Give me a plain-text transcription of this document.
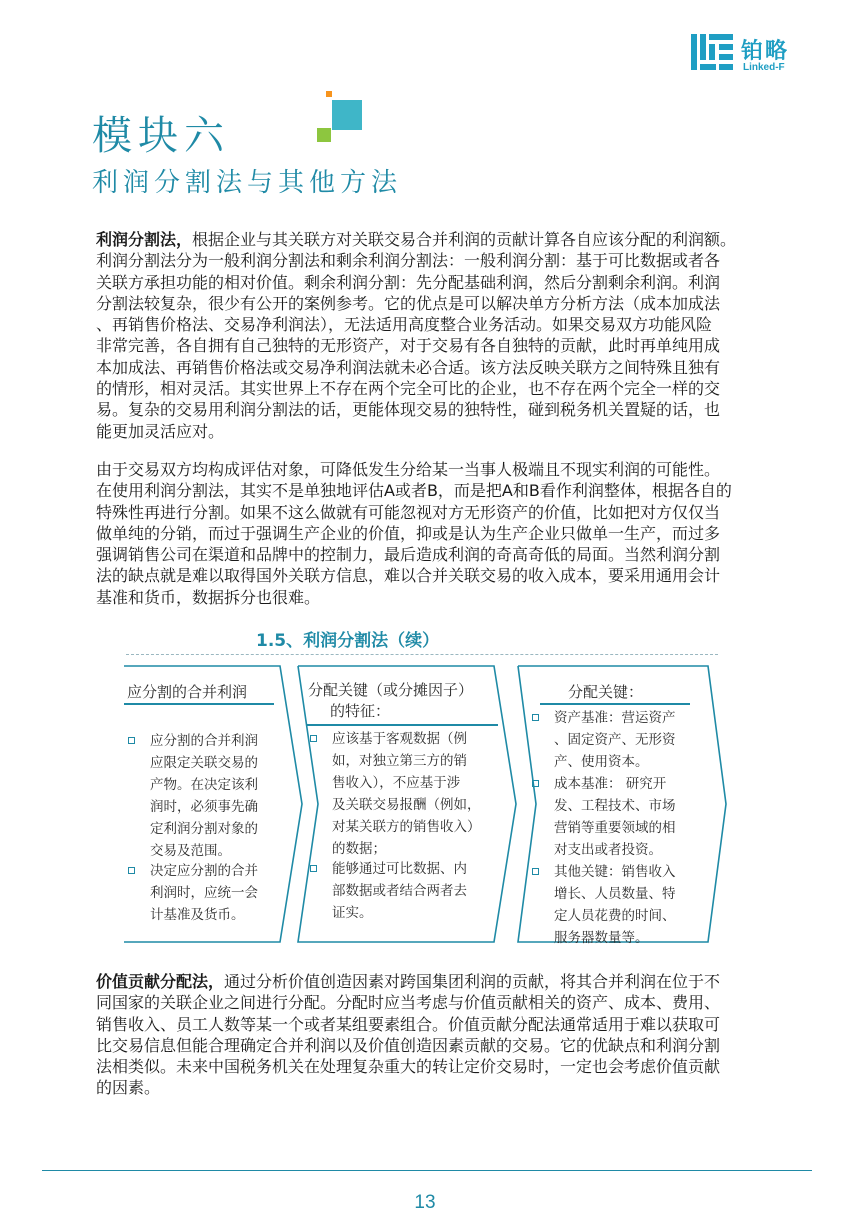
铂略
Linked-F
模块六
利润分割法与其他方法
利润分割法，根据企业与其关联方对关联交易合并利润的贡献计算各自应该分配的利润额。
利润分割法分为一般利润分割法和剩余利润分割法：一般利润分割：基于可比数据或者各
关联方承担功能的相对价值。剩余利润分割：先分配基础利润，然后分割剩余利润。利润
分割法较复杂，很少有公开的案例参考。它的优点是可以解决单方分析方法（成本加成法
、再销售价格法、交易净利润法），无法适用高度整合业务活动。如果交易双方功能风险
非常完善，各自拥有自己独特的无形资产，对于交易有各自独特的贡献，此时再单纯用成
本加成法、再销售价格法或交易净利润法就未必合适。该方法反映关联方之间特殊且独有
的情形，相对灵活。其实世界上不存在两个完全可比的企业，也不存在两个完全一样的交
易。复杂的交易用利润分割法的话，更能体现交易的独特性，碰到税务机关置疑的话，也
能更加灵活应对。
由于交易双方均构成评估对象，可降低发生分给某一当事人极端且不现实利润的可能性。
在使用利润分割法，其实不是单独地评估A或者B，而是把A和B看作利润整体，根据各自的
特殊性再进行分割。如果不这么做就有可能忽视对方无形资产的价值，比如把对方仅仅当
做单纯的分销，而过于强调生产企业的价值，抑或是认为生产企业只做单一生产，而过多
强调销售公司在渠道和品牌中的控制力，最后造成利润的奇高奇低的局面。当然利润分割
法的缺点就是难以取得国外关联方信息，难以合并关联交易的收入成本，要采用通用会计
基准和货币，数据拆分也很难。
1.5、利润分割法（续）
应分割的合并利润
应分割的合并利润
应限定关联交易的
产物。在决定该利
润时，必须事先确
定利润分割对象的
交易及范围。
决定应分割的合并
利润时，应统一会
计基准及货币。
分配关键（或分摊因子）
的特征：
应该基于客观数据（例
如，对独立第三方的销
售收入），不应基于涉
及关联交易报酬（例如，
对某关联方的销售收入）
的数据；
能够通过可比数据、内
部数据或者结合两者去
证实。
分配关键：
资产基准：营运资产
、固定资产、无形资
产、使用资本。
成本基准： 研究开
发、工程技术、市场
营销等重要领域的相
对支出或者投资。
其他关键：销售收入
增长、人员数量、特
定人员花费的时间、
服务器数量等。
价值贡献分配法，通过分析价值创造因素对跨国集团利润的贡献，将其合并利润在位于不
同国家的关联企业之间进行分配。分配时应当考虑与价值贡献相关的资产、成本、费用、
销售收入、员工人数等某一个或者某组要素组合。价值贡献分配法通常适用于难以获取可
比交易信息但能合理确定合并利润以及价值创造因素贡献的交易。它的优缺点和利润分割
法相类似。未来中国税务机关在处理复杂重大的转让定价交易时，一定也会考虑价值贡献
的因素。
13
